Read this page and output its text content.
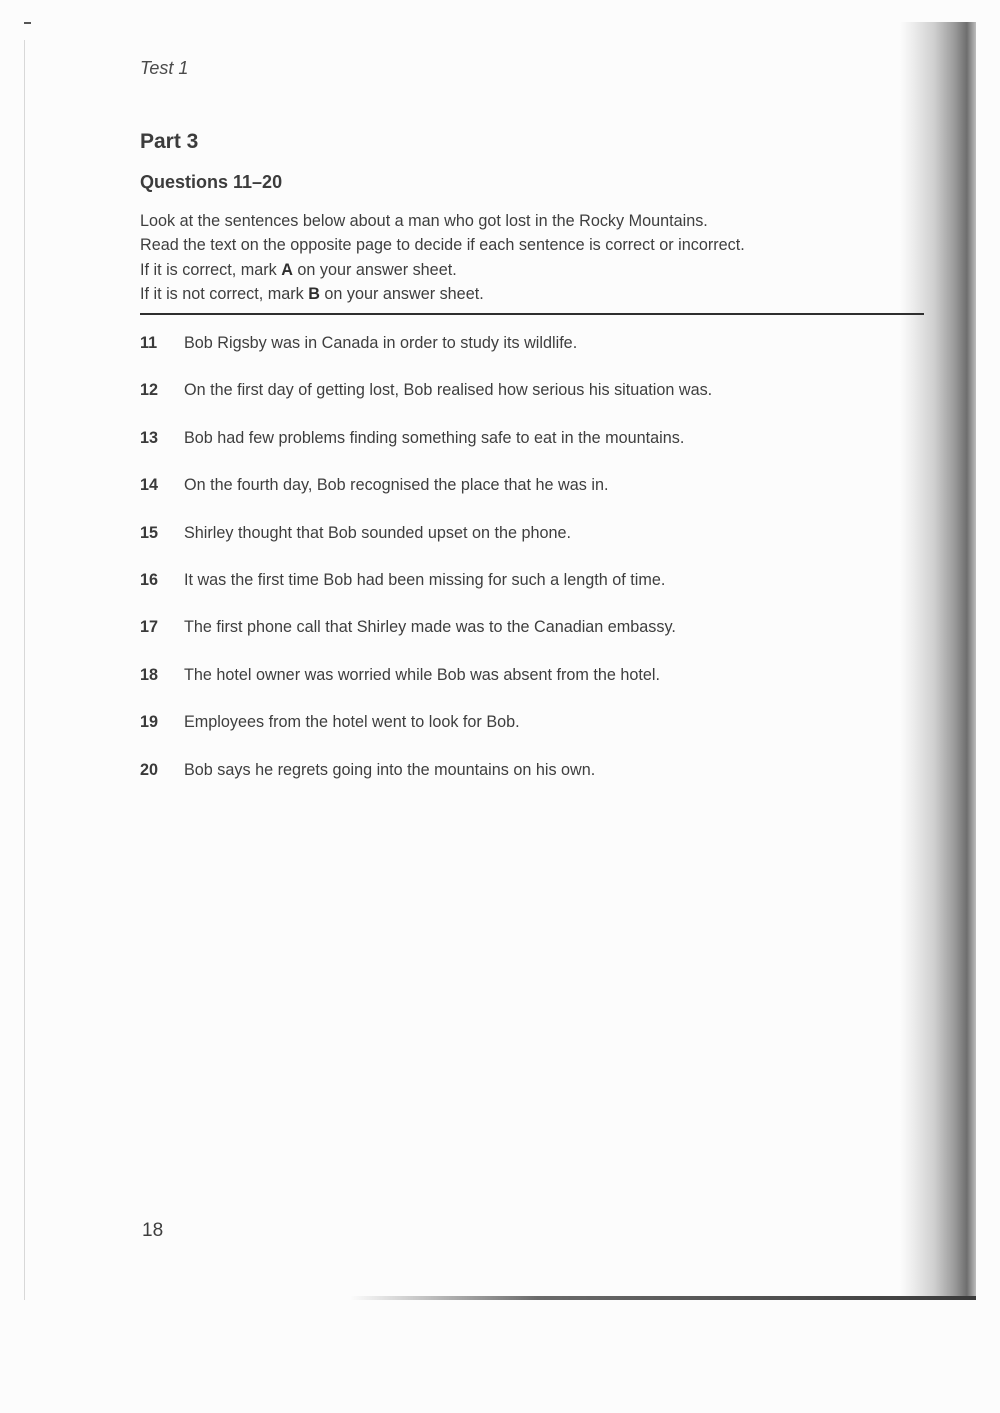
Test 1
Part 3
Questions 11–20

Look at the sentences below about a man who got lost in the Rocky Mountains.

Read the text on the opposite page to decide if each sentence is correct or incorrect.

If it is correct, mark A on your answer sheet.

If it is not correct, mark B on your answer sheet.

11	Bob Rigsby was in Canada in order to study its wildlife.
12	On the first day of getting lost, Bob realised how serious his situation was.
13	Bob had few problems finding something safe to eat in the mountains.
14	On the fourth day, Bob recognised the place that he was in.
15	Shirley thought that Bob sounded upset on the phone.
16	It was the first time Bob had been missing for such a length of time.
17	The first phone call that Shirley made was to the Canadian embassy.
18	The hotel owner was worried while Bob was absent from the hotel.
19	Employees from the hotel went to look for Bob.
20	Bob says he regrets going into the mountains on his own.
18
